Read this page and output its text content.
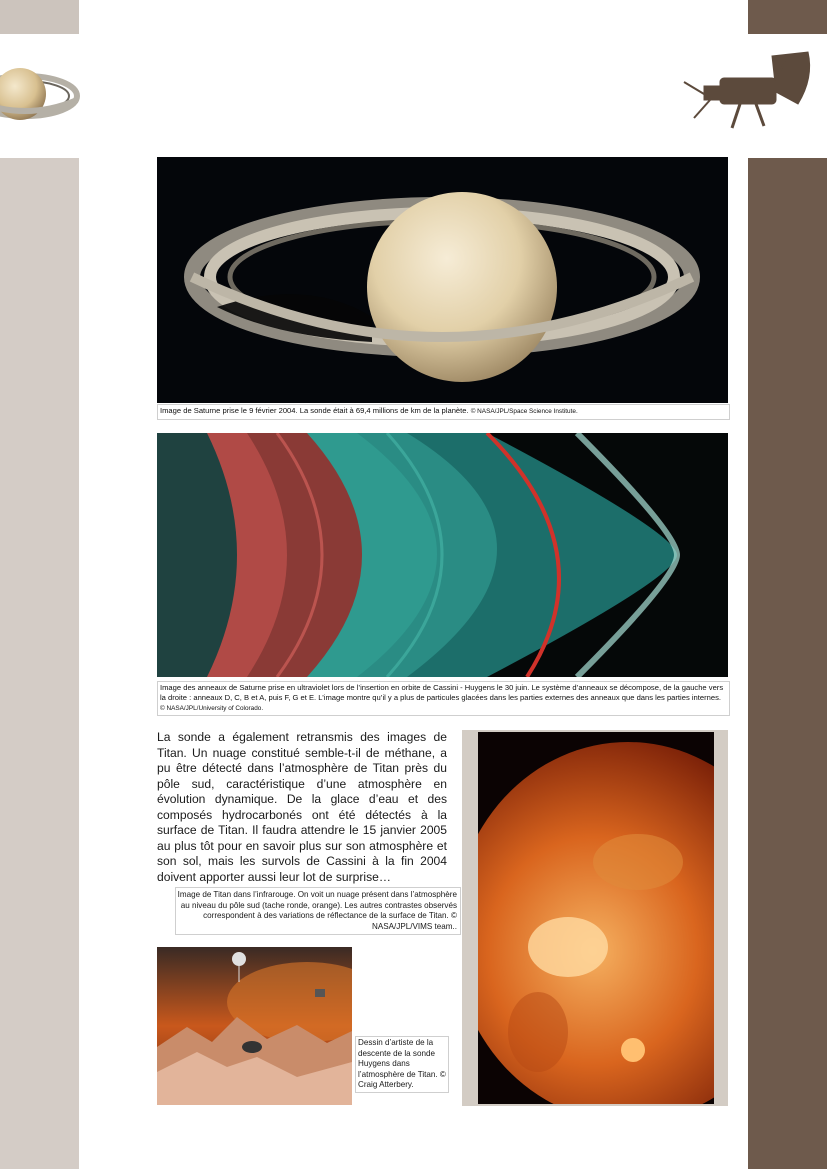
Image de Saturne prise le 9 février 2004. La sonde était à 69,4 millions de km de la planète. © NASA/JPL/Space Science Institute.
Image des anneaux de Saturne prise en ultraviolet lors de l’insertion en orbite de Cassini - Huygens le 30 juin. Le système d’anneaux se décompose, de la gauche vers la droite : anneaux D, C, B et A, puis F, G et E. L’image montre qu’il y a plus de particules glacées dans les parties externes des anneaux que dans les parties internes. © NASA/JPL/University of Colorado.

La sonde a également retransmis des images de Titan. Un nuage constitué semble-t-il de méthane, a pu être détecté dans l’atmosphère de Titan près du pôle sud, caractéristique d’une atmosphère en évolution dynamique. De la glace d’eau et des composés hydrocarbonés ont été détectés à la surface de Titan. Il faudra attendre le 15 janvier 2005 au plus tôt pour en savoir plus sur son atmosphère et son sol, mais les survols de Cassini à la fin 2004 doivent apporter aussi leur lot de surprise…

Image de Titan dans l’infrarouge. On voit un nuage présent dans l’atmosphère au niveau du pôle sud (tache ronde, orange). Les autres contrastes observés correspondent à des variations de réflectance de la surface de Titan. © NASA/JPL/VIMS team..
Dessin d’artiste de la descente de la sonde Huygens dans l’atmosphère de Titan. © Craig Atterbery.
